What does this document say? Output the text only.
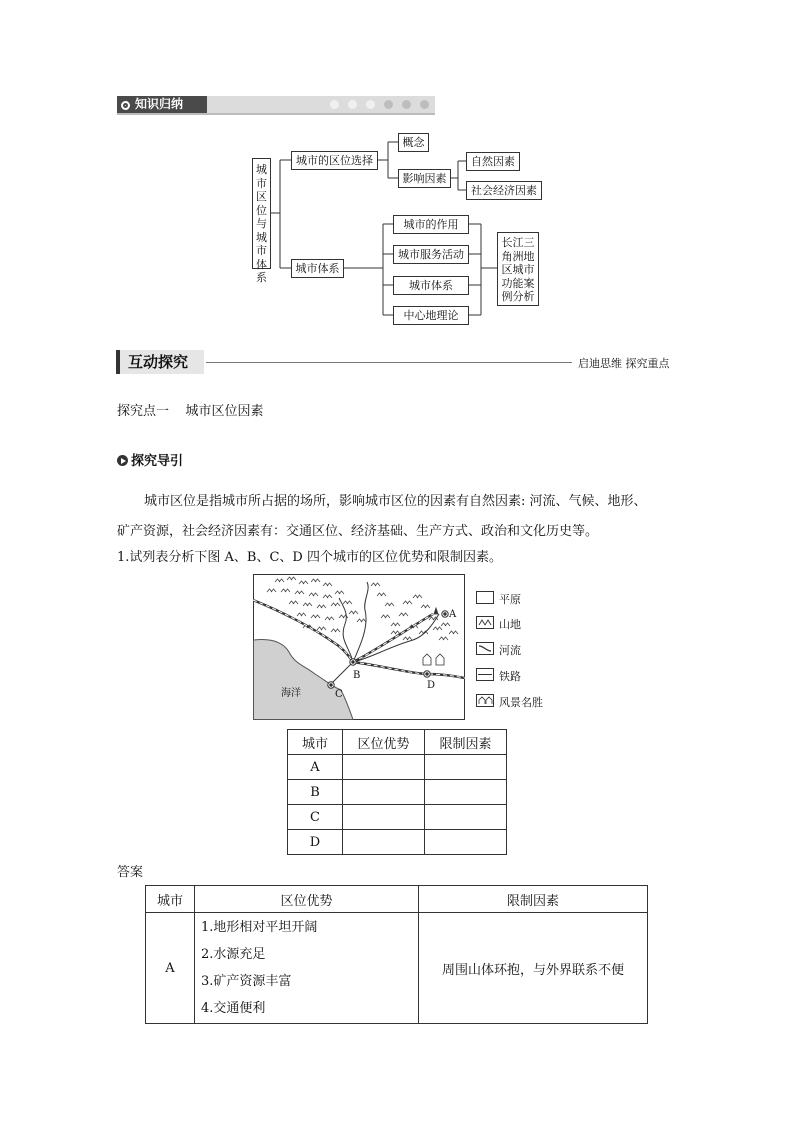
知识归纳
城市区位与城市体系
城市的区位选择
概念
影响因素
自然因素
社会经济因素
城市体系
城市的作用
城市服务活动
城市体系
中心地理论
长江三角洲地区城市功能案例分析
互动探究	启迪思维 探究重点
探究点一    城市区位因素
探究导引
城市区位是指城市所占据的场所，影响城市区位的因素有自然因素: 河流、气候、地形、
矿产资源，社会经济因素有：交通区位、经济基础、生产方式、政治和文化历史等。
1.试列表分析下图 A、B、C、D 四个城市的区位优势和限制因素。
A
B
C
D
海洋
平原
山地
河流
铁路
风景名胜
城市	区位优势	限制因素
A		
B		
C		
D		
答案
城市	区位优势	限制因素
A	1.地形相对平坦开阔
2.水源充足
3.矿产资源丰富
4.交通便利	周围山体环抱，与外界联系不便
